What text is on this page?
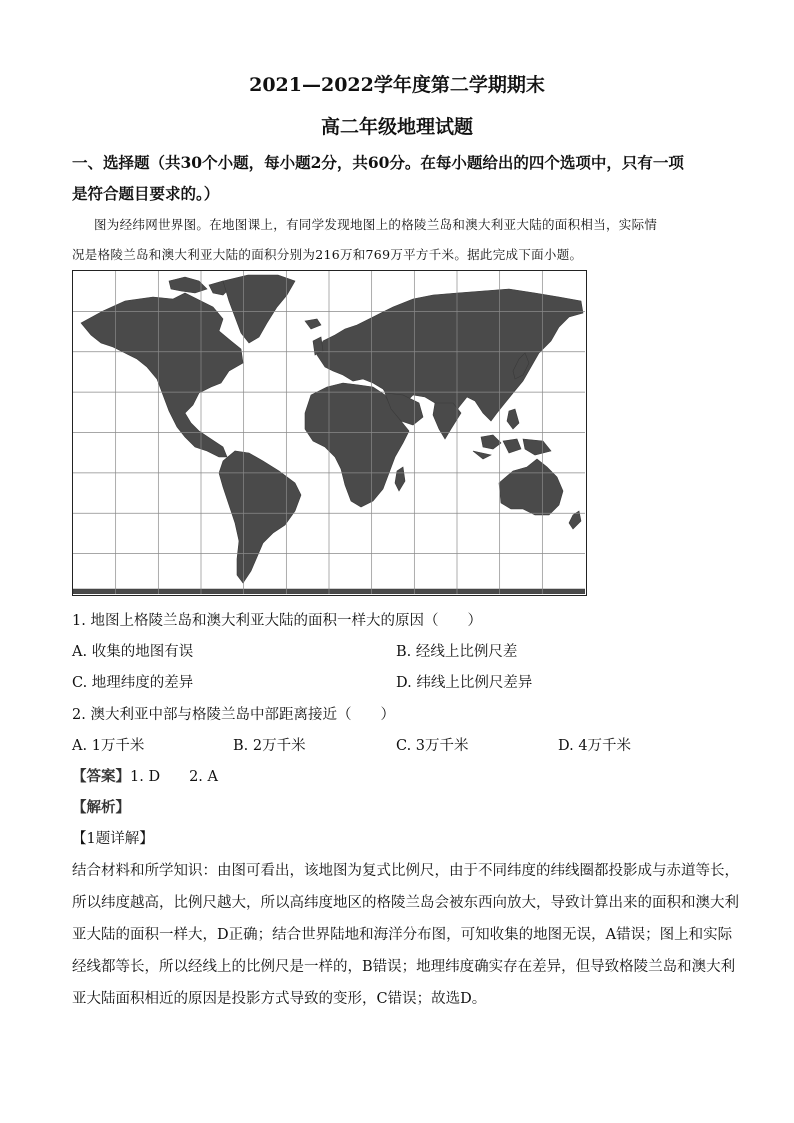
2021—2022学年度第二学期期末
高二年级地理试题
一、选择题（共30个小题，每小题2分，共60分。在每小题给出的四个选项中，只有一项
是符合题目要求的。）
图为经纬网世界图。在地图课上，有同学发现地图上的格陵兰岛和澳大利亚大陆的面积相当，实际情
况是格陵兰岛和澳大利亚大陆的面积分别为216万和769万平方千米。据此完成下面小题。
1. 地图上格陵兰岛和澳大利亚大陆的面积一样大的原因（　　）
A. 收集的地图有误	B. 经线上比例尺差
C. 地理纬度的差异	D. 纬线上比例尺差异
2. 澳大利亚中部与格陵兰岛中部距离接近（　　）
A. 1万千米	B. 2万千米	C. 3万千米	D. 4万千米
【答案】1. D　　2. A
【解析】
【1题详解】
结合材料和所学知识：由图可看出，该地图为复式比例尺，由于不同纬度的纬线圈都投影成与赤道等长，
所以纬度越高，比例尺越大，所以高纬度地区的格陵兰岛会被东西向放大，导致计算出来的面积和澳大利
亚大陆的面积一样大，D正确；结合世界陆地和海洋分布图，可知收集的地图无误，A错误；图上和实际
经线都等长，所以经线上的比例尺是一样的，B错误；地理纬度确实存在差异，但导致格陵兰岛和澳大利
亚大陆面积相近的原因是投影方式导致的变形，C错误；故选D。
